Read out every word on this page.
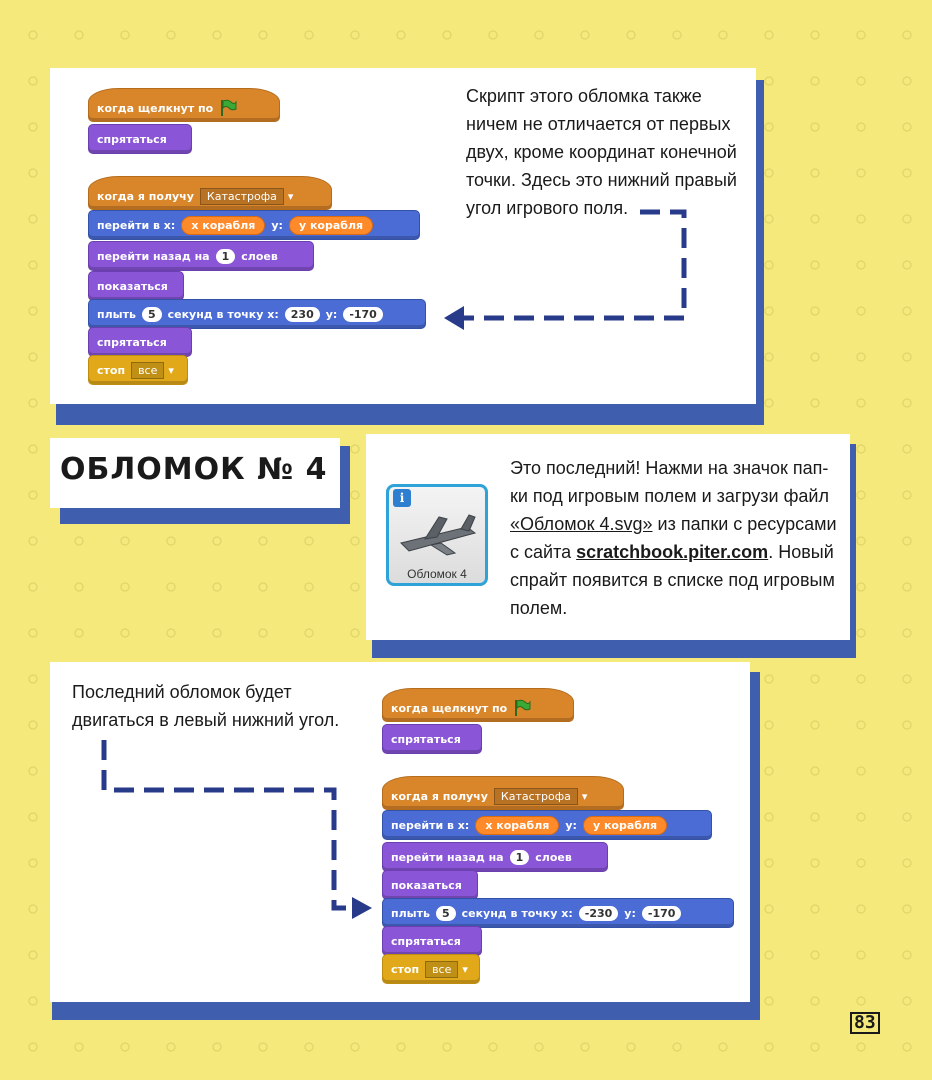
когда щелкнут по
спрятаться
когда я получу	Катастрофа	▾
перейти в x:	x корабля	y:	y корабля
перейти назад на	1	слоев
показаться
плыть	5	секунд в точку x:	230	y:	-170
спрятаться
стоп	все	▾
Скрипт этого обломка также
ничем не отличается от первых
двух, кроме координат конечной
точки. Здесь это нижний правый
угол игрового поля.
ОБЛОМОК № 4
i
Обломок 4
Это последний! Нажми на значок пап-
ки под игровым полем и загрузи файл
«Обломок 4.svg» из папки с ресурсами
с сайта scratchbook.piter.com. Новый
спрайт появится в списке под игровым
полем.
Последний обломок будет
двигаться в левый нижний угол.
когда щелкнут по
спрятаться
когда я получу	Катастрофа	▾
перейти в x:	x корабля	y:	y корабля
перейти назад на	1	слоев
показаться
плыть	5	секунд в точку x:	-230	y:	-170
спрятаться
стоп	все	▾
83
